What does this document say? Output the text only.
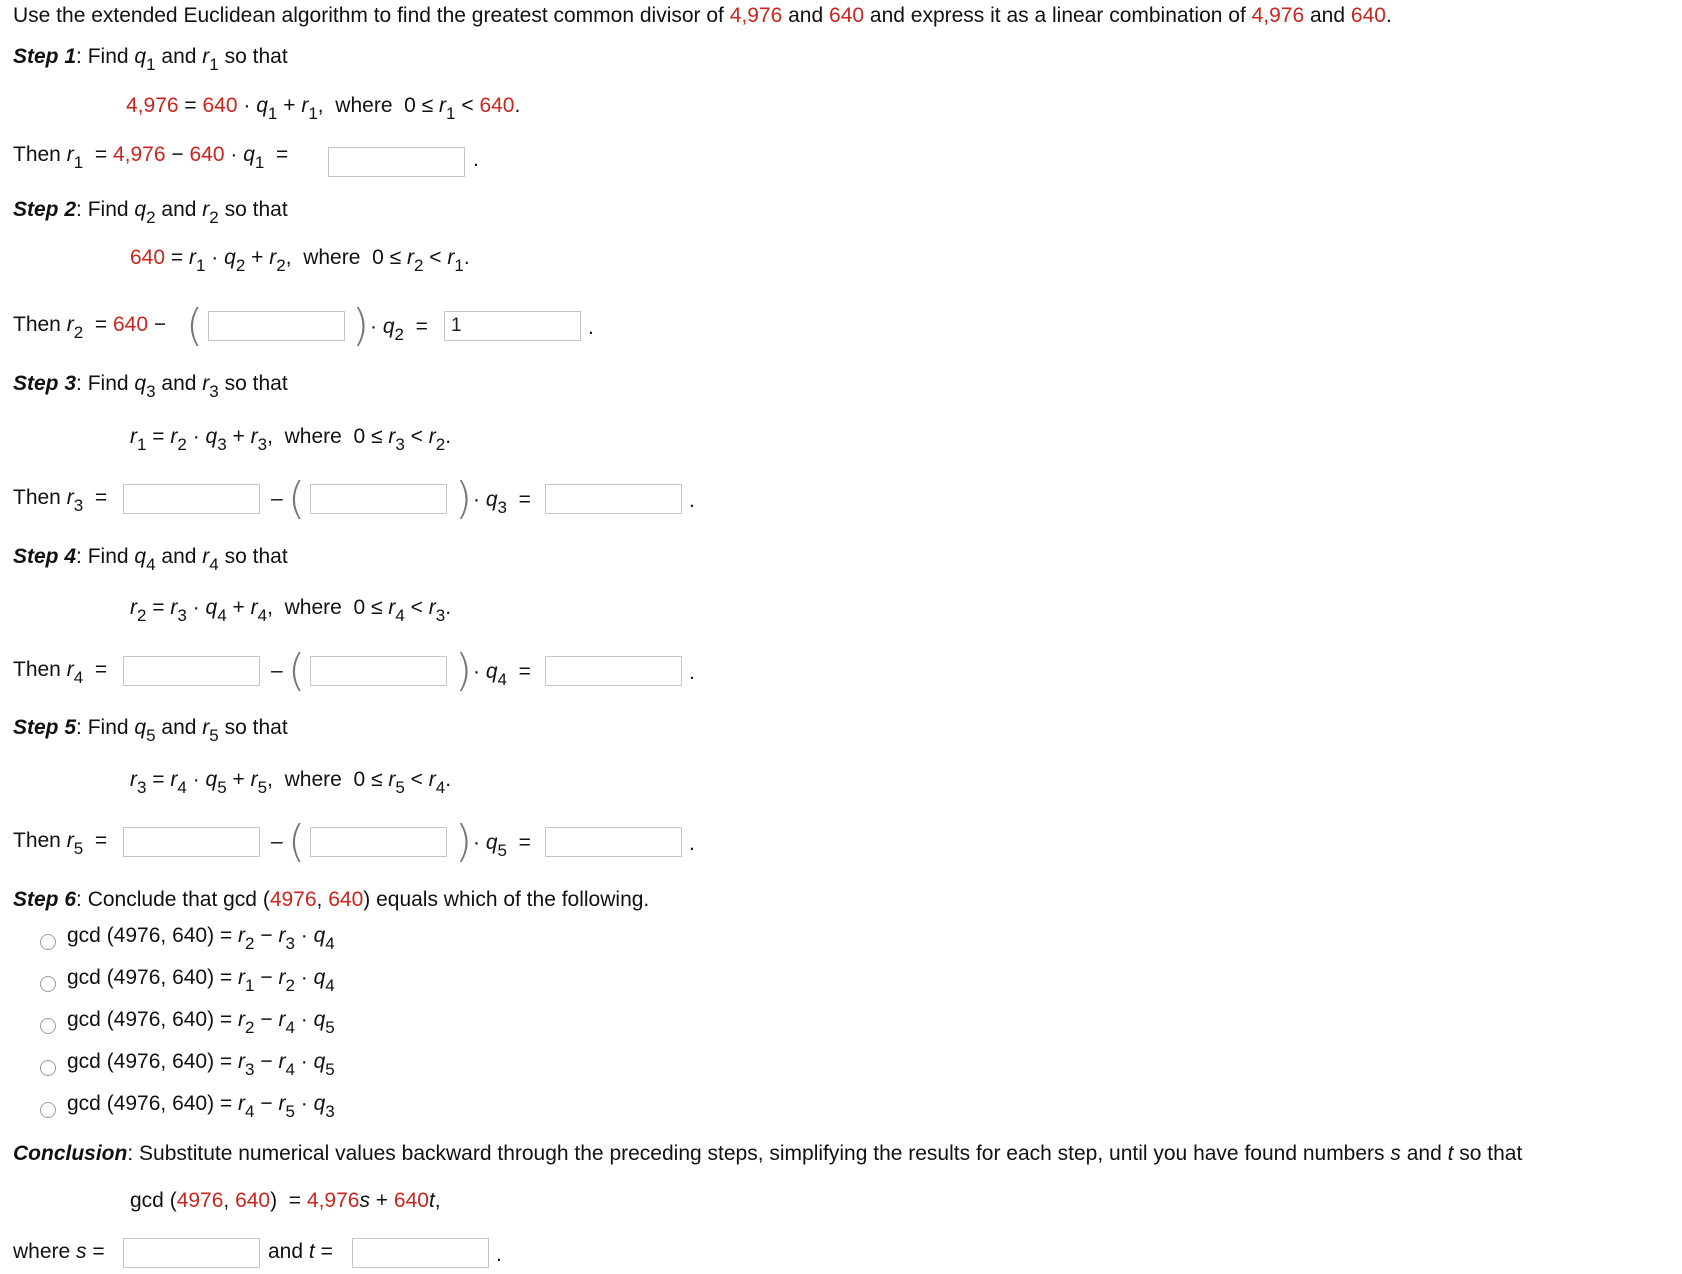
Use the extended Euclidean algorithm to find the greatest common divisor of 4,976 and 640 and express it as a linear combination of 4,976 and 640.
Step 1: Find $q_1$ and $r_1$ so that
$4,976 = 640 \cdot q_1 + r_1$,  where  $0 \le r_1 < 640$.
Then $r_1 = 4,976 - 640 \cdot q_1$  =	.
Step 2: Find $q_2$ and $r_2$ so that
$640 = r_1 \cdot q_2 + r_2$,  where  $0 \le r_2 < r_1$.
Then $r_2 = 640$ − (	) · $q_2$  =	1	.
Step 3: Find $q_3$ and $r_3$ so that
$r_1 = r_2 \cdot q_3 + r_3$,  where  $0 \le r_3 < r_2$.
Then $r_3$  =	– (	) · $q_3$  =	.
Step 4: Find $q_4$ and $r_4$ so that
$r_2 = r_3 \cdot q_4 + r_4$,  where  $0 \le r_4 < r_3$.
Then $r_4$  =	– (	) · $q_4$  =	.
Step 5: Find $q_5$ and $r_5$ so that
$r_3 = r_4 \cdot q_5 + r_5$,  where  $0 \le r_5 < r_4$.
Then $r_5$  =	– (	) · $q_5$  =	.
Step 6: Conclude that gcd (4976, 640) equals which of the following.
gcd (4976, $640) = r_2 - r_3 \cdot q_4$
gcd (4976, $640) = r_1 - r_2 \cdot q_4$
gcd (4976, $640) = r_2 - r_4 \cdot q_5$
gcd (4976, $640) = r_3 - r_4 \cdot q_5$
gcd (4976, $640) = r_4 - r_5 \cdot q_3$
Conclusion: Substitute numerical values backward through the preceding steps, simplifying the results for each step, until you have found numbers s and t so that
gcd (4976, 640)  = 4,976s + 640t,
where s =	and t =	.
